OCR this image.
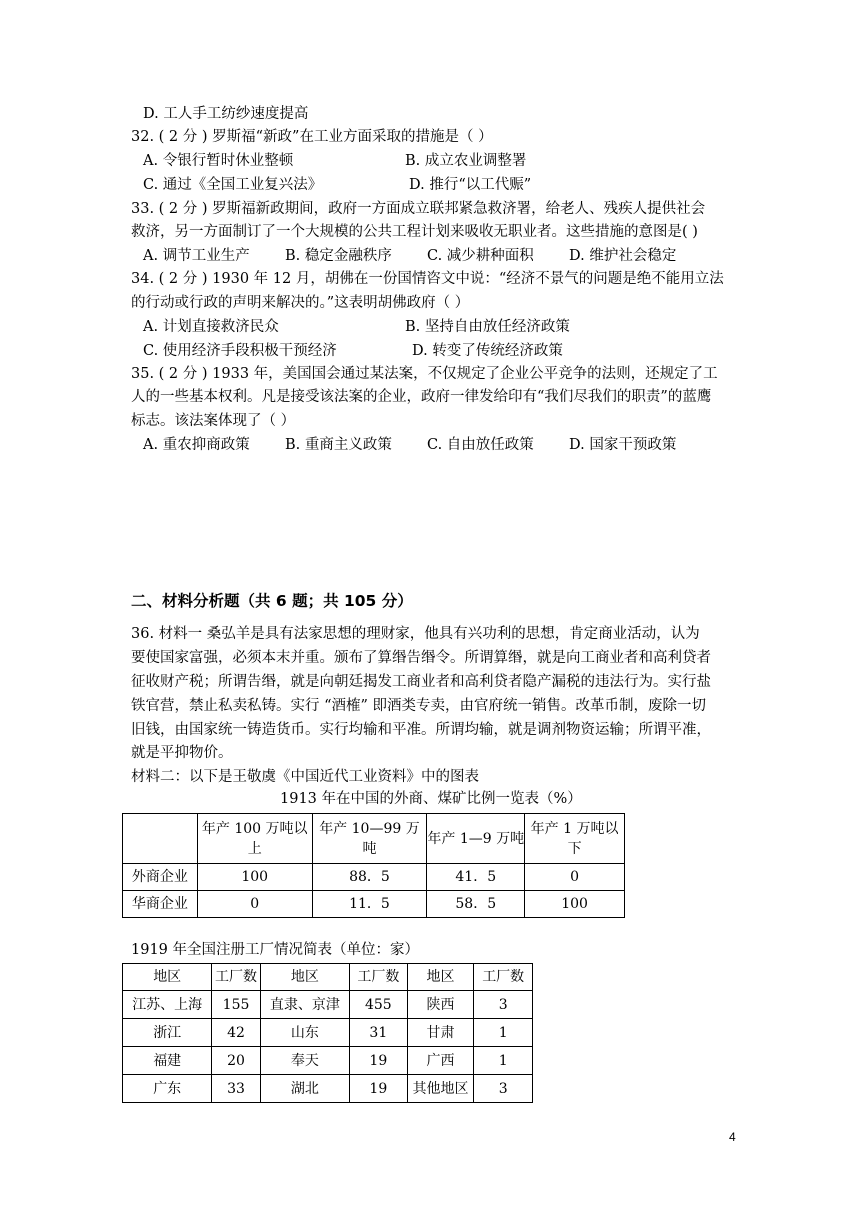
D. 工人手工纺纱速度提高
32. ( 2 分 ) 罗斯福“新政”在工业方面采取的措施是（ ）
A. 令银行暂时休业整顿	B. 成立农业调整署
C. 通过《全国工业复兴法》	D. 推行“以工代赈”
33. ( 2 分 ) 罗斯福新政期间，政府一方面成立联邦紧急救济署，给老人、残疾人提供社会
救济，另一方面制订了一个大规模的公共工程计划来吸收无职业者。这些措施的意图是( )
A. 调节工业生产 B. 稳定金融秩序 C. 减少耕种面积 D. 维护社会稳定
34. ( 2 分 ) 1930 年 12 月，胡佛在一份国情咨文中说：“经济不景气的问题是绝不能用立法
的行动或行政的声明来解决的。”这表明胡佛政府（ ）
A. 计划直接救济民众	B. 坚持自由放任经济政策
C. 使用经济手段积极干预经济	D. 转变了传统经济政策
35. ( 2 分 ) 1933 年，美国国会通过某法案，不仅规定了企业公平竞争的法则，还规定了工
人的一些基本权利。凡是接受该法案的企业，政府一律发给印有“我们尽我们的职责”的蓝鹰
标志。该法案体现了（ ）
A. 重农抑商政策 B. 重商主义政策 C. 自由放任政策 D. 国家干预政策
二、材料分析题（共 6 题；共 105 分）
36. 材料一 桑弘羊是具有法家思想的理财家，他具有兴功利的思想，肯定商业活动，认为
要使国家富强，必须本末并重。颁布了算缗告缗令。所谓算缗，就是向工商业者和高利贷者
征收财产税；所谓告缗，就是向朝廷揭发工商业者和高利贷者隐产漏税的违法行为。实行盐
铁官营，禁止私卖私铸。实行 “酒榷” 即酒类专卖，由官府统一销售。改革币制，废除一切
旧钱，由国家统一铸造货币。实行均输和平准。所谓均输，就是调剂物资运输；所谓平准，
就是平抑物价。
材料二：以下是王敬虞《中国近代工业资料》中的图表
1913 年在中国的外商、煤矿比例一览表（%）
	年产 100 万吨以
上	年产 10—99 万吨	年产 1—9 万吨	年产 1 万吨以
下
外商企业	100	88．5	41．5	0
华商企业	0	11．5	58．5	100
1919 年全国注册工厂情况简表（单位：家）
地区	工厂数	地区	工厂数	地区	工厂数
江苏、上海	155	直隶、京津	455	陕西	3
浙江	42	山东	31	甘肃	1
福建	20	奉天	19	广西	1
广东	33	湖北	19	其他地区	3
4
